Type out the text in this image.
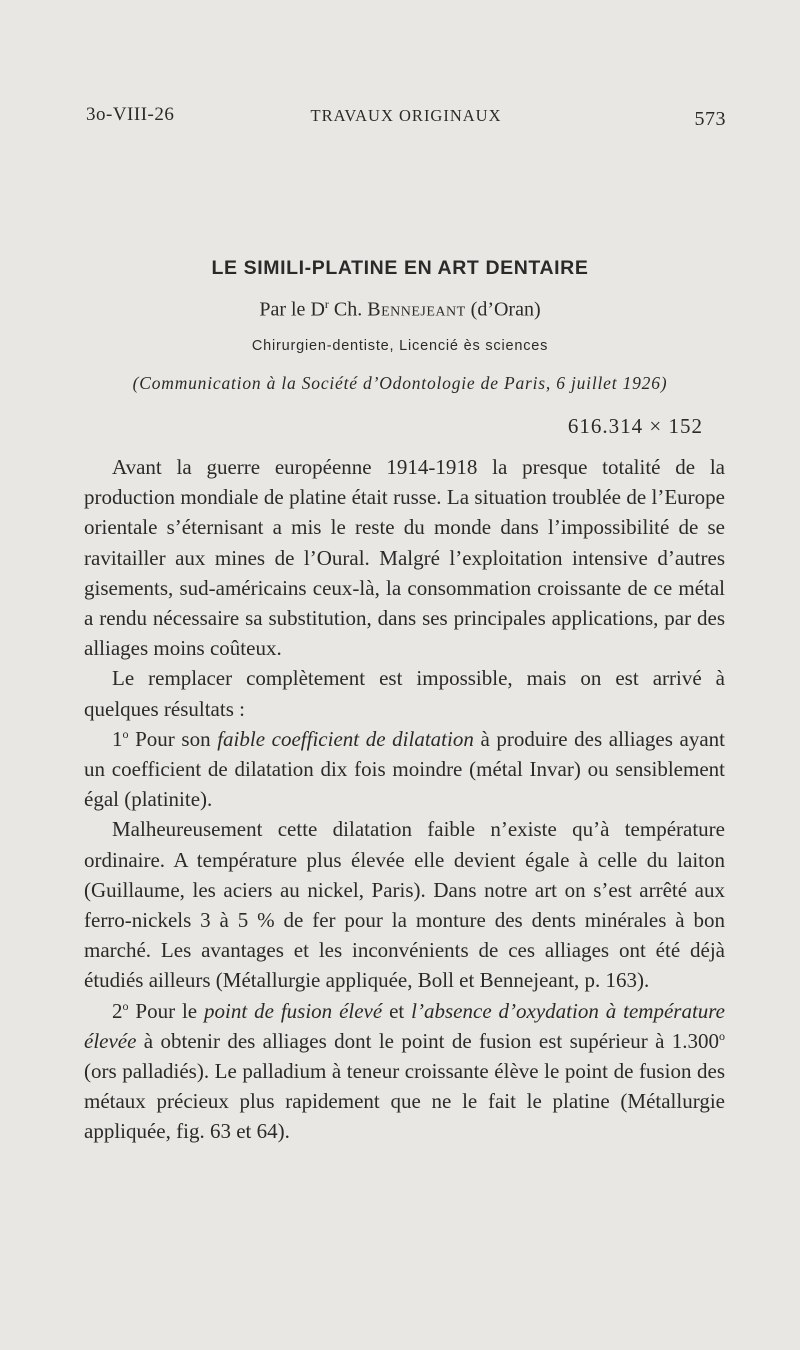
3o-VIII-26	TRAVAUX ORIGINAUX	573
LE SIMILI-PLATINE EN ART DENTAIRE
Par le $D^r$ Ch. Bennejeant (d’Oran)
Chirurgien-dentiste, Licencié ès sciences
(Communication à la Société d’Odontologie de Paris, 6 juillet 1926)
616.314 × 152

Avant la guerre européenne 1914-1918 la presque totalité de la production mondiale de platine était russe. La situation troublée de l’Europe orientale s’éternisant a mis le reste du monde dans l’impossibilité de se ravitailler aux mines de l’Oural. Malgré l’exploitation intensive d’autres gisements, sud-américains ceux-là, la consommation croissante de ce métal a rendu nécessaire sa substitution, dans ses principales applications, par des alliages moins coûteux.

Le remplacer complètement est impossible, mais on est arrivé à quelques résultats :

1$^o$ Pour son faible coefficient de dilatation à produire des alliages ayant un coefficient de dilatation dix fois moindre (métal Invar) ou sensiblement égal (platinite).

Malheureusement cette dilatation faible n’existe qu’à température ordinaire. A température plus élevée elle devient égale à celle du laiton (Guillaume, les aciers au nickel, Paris). Dans notre art on s’est arrêté aux ferro-nickels 3 à 5 % de fer pour la monture des dents minérales à bon marché. Les avantages et les inconvénients de ces alliages ont été déjà étudiés ailleurs (Métallurgie appliquée, Boll et Bennejeant, p. 163).

2$^o$ Pour le point de fusion élevé et l’absence d’oxydation à température élevée à obtenir des alliages dont le point de fusion est supérieur à 1.300$^o$ (ors palladiés). Le palladium à teneur croissante élève le point de fusion des métaux précieux plus rapidement que ne le fait le platine (Métallurgie appliquée, fig. 63 et 64).
